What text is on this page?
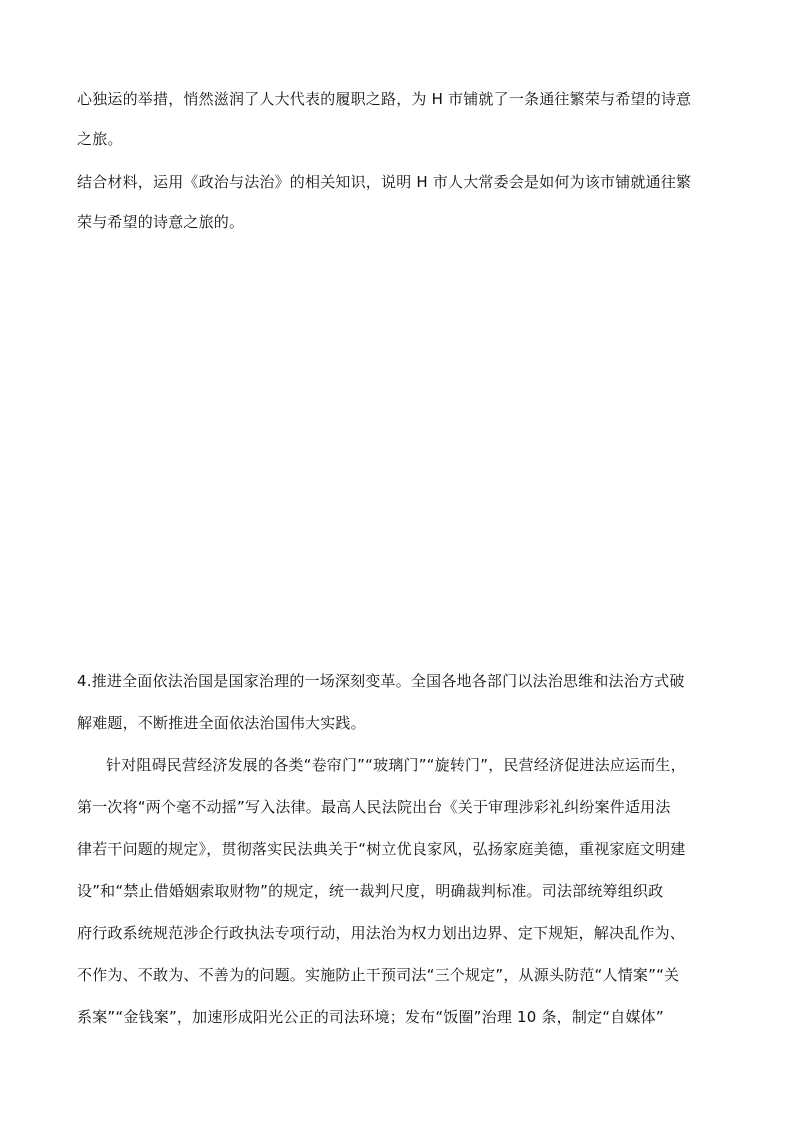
心独运的举措，悄然滋润了人大代表的履职之路，为 H 市铺就了一条通往繁荣与希望的诗意
之旅。
结合材料，运用《政治与法治》的相关知识，说明 H 市人大常委会是如何为该市铺就通往繁
荣与希望的诗意之旅的。
4.推进全面依法治国是国家治理的一场深刻变革。全国各地各部门以法治思维和法治方式破
解难题，不断推进全面依法治国伟大实践。
针对阻碍民营经济发展的各类“卷帘门”“玻璃门”“旋转门”，民营经济促进法应运而生，
第一次将“两个毫不动摇”写入法律。最高人民法院出台《关于审理涉彩礼纠纷案件适用法
律若干问题的规定》，贯彻落实民法典关于“树立优良家风，弘扬家庭美德，重视家庭文明建
设”和“禁止借婚姻索取财物”的规定，统一裁判尺度，明确裁判标准。司法部统筹组织政
府行政系统规范涉企行政执法专项行动，用法治为权力划出边界、定下规矩，解决乱作为、
不作为、不敢为、不善为的问题。实施防止干预司法“三个规定”，从源头防范“人情案”“关
系案”“金钱案”，加速形成阳光公正的司法环境；发布“饭圈”治理 10 条，制定“自媒体”
